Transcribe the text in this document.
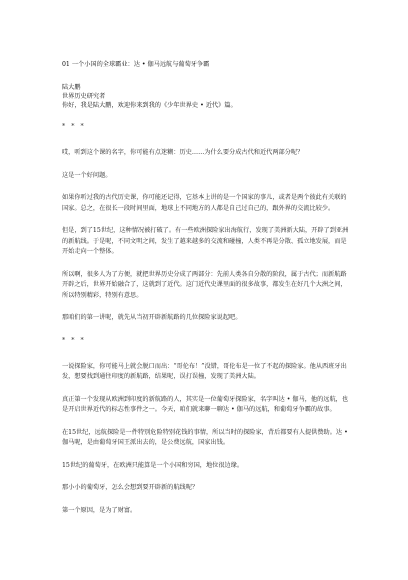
01 一个小国的全球霸业：达 • 伽马远航与葡萄牙争霸
陆大鹏
世界历史研究者
你好，我是陆大鹏，欢迎你来到我的《少年世界史 • 近代》篇。
* * *

哎，听到这个课的名字，你可能有点迷糊：历史……为什么要分成古代和近代两部分呢？

这是一个好问题。

如果你听过我的古代历史课，你可能还记得，它基本上讲的是一个国家的事儿，或者是两个彼此有关联的国家。总之，在很长一段时间里面，地球上不同地方的人都是自己过自己的，跟外界的交流比较少。

但是，到了15世纪，这种情况被打破了。有一些欧洲探险家出海航行，发现了美洲新大陆，开辟了到亚洲的新航线。于是呢，不同文明之间，发生了越来越多的交流和碰撞，人类不再是分散、孤立地发展，而是开始走向一个整体。

所以啊，很多人为了方便，就把世界历史分成了两部分：先前人类各自分散的阶段，属于古代；而新航路开辟之后，世界开始融合了，这就到了近代。这门近代史课里面的很多故事，都发生在好几个大洲之间，所以特别精彩，特别有意思。

那咱们的第一讲呢，就先从当初开辟新航路的几位探险家说起吧。

* * *

一说探险家，你可能马上就会脱口而出：“哥伦布！”没错，哥伦布是一位了不起的探险家。他从西班牙出发，想要找到通往印度的新航路，结果呢，误打误撞，发现了美洲大陆。

真正第一个发现从欧洲到印度的新航路的人，其实是一位葡萄牙探险家，名字叫达 • 伽马，他的远航，也是开启世界近代的标志性事件之一。今天，咱们就来聊一聊达 • 伽马的远航，和葡萄牙争霸的故事。

在15世纪，远航探险是一件特别危险特别花钱的事情，所以当时的探险家，背后都要有人提供赞助。达 • 伽马呢，是由葡萄牙国王派出去的，是公费远航，国家出钱。

15世纪的葡萄牙，在欧洲只能算是一个小国和穷国，地位很边缘。

那小小的葡萄牙，怎么会想到要开辟新的航线呢？

第一个原因，是为了财富。
